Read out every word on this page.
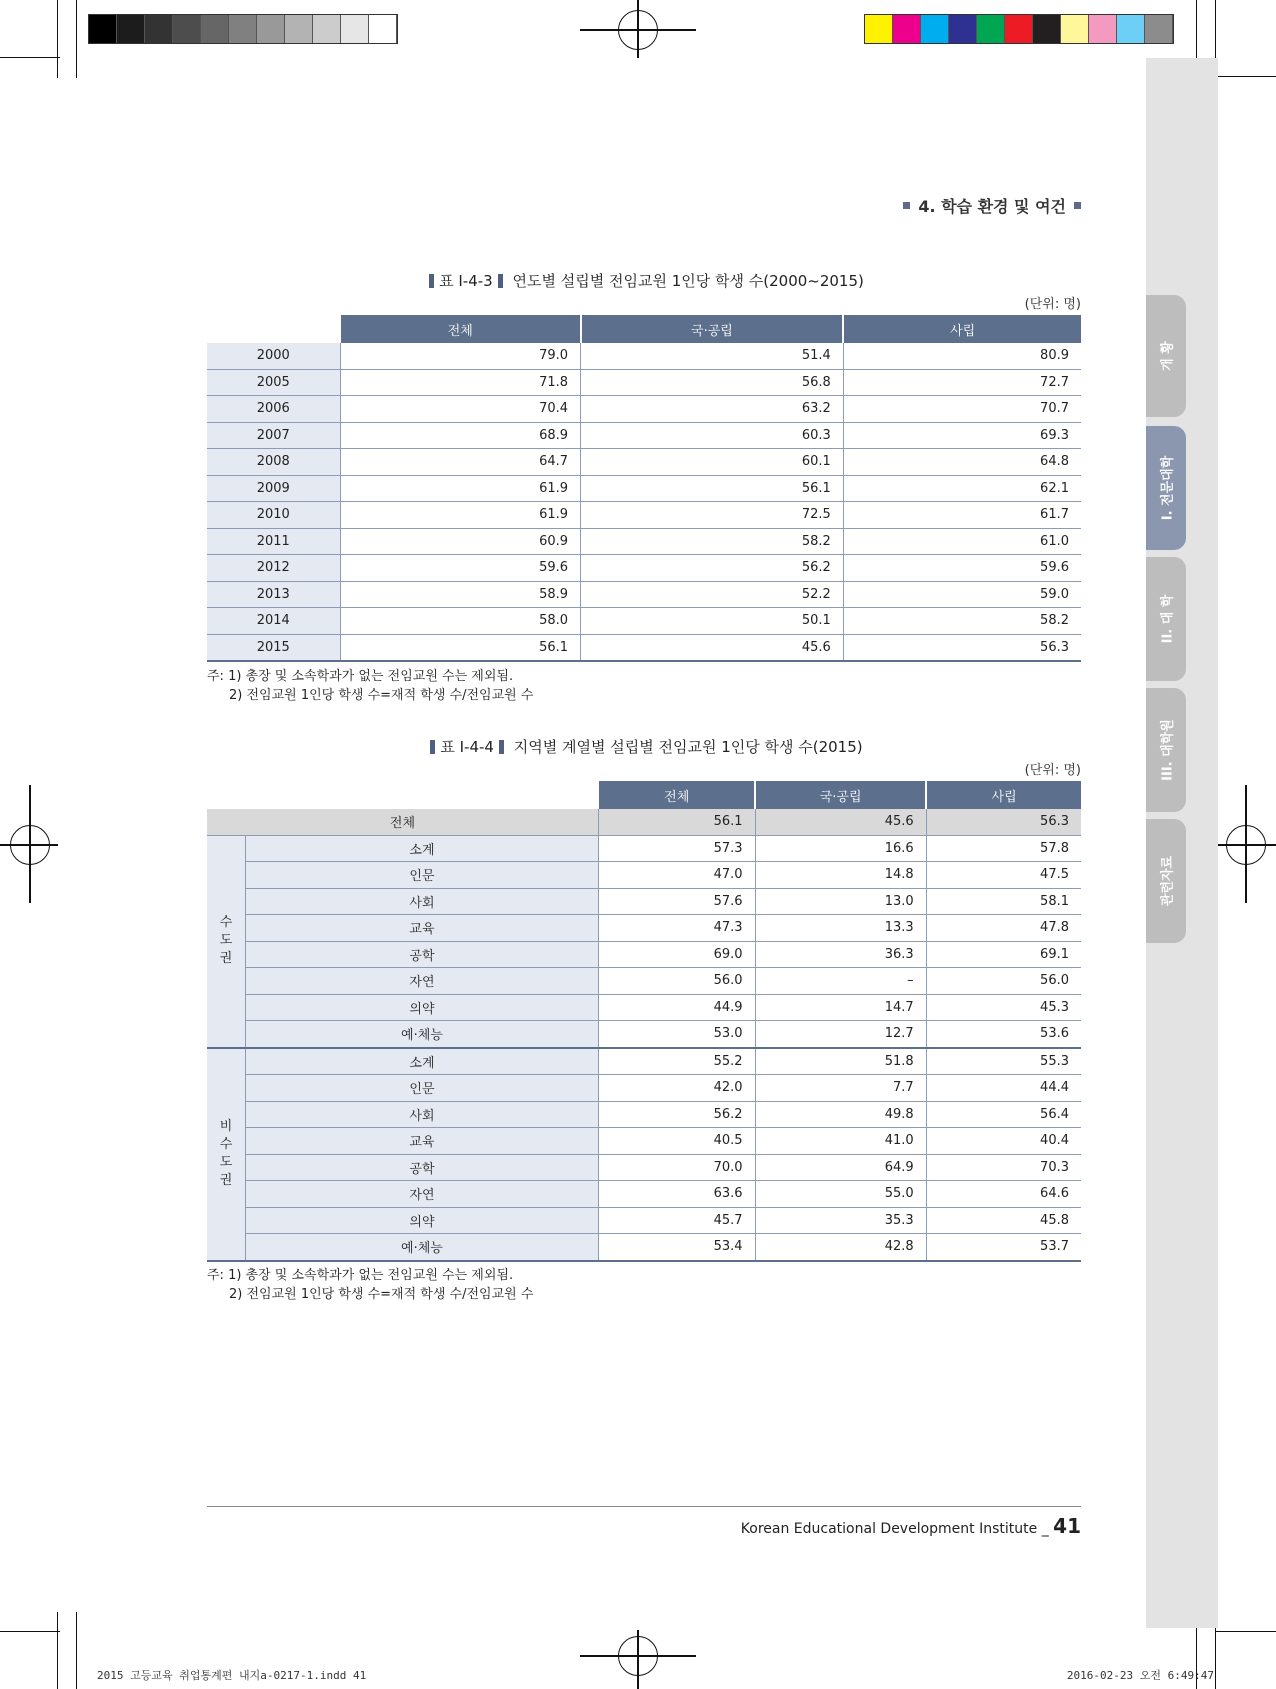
개 황
I. 전문대학
II. 대 학
III. 대학원
관련자료
4. 학습 환경 및 여건
표 Ⅰ-4-3 연도별 설립별 전임교원 1인당 학생 수(2000~2015)
(단위: 명)
	전체	국·공립	사립
2000	79.0	51.4	80.9
2005	71.8	56.8	72.7
2006	70.4	63.2	70.7
2007	68.9	60.3	69.3
2008	64.7	60.1	64.8
2009	61.9	56.1	62.1
2010	61.9	72.5	61.7
2011	60.9	58.2	61.0
2012	59.6	56.2	59.6
2013	58.9	52.2	59.0
2014	58.0	50.1	58.2
2015	56.1	45.6	56.3
주: 1) 총장 및 소속학과가 없는 전임교원 수는 제외됨.
2) 전임교원 1인당 학생 수=재적 학생 수/전임교원 수
표 Ⅰ-4-4 지역별 계열별 설립별 전임교원 1인당 학생 수(2015)
(단위: 명)
		전체	국·공립	사립
전체		56.1	45.6	56.3
수
도
권	소계	57.3	16.6	57.8
	인문	47.0	14.8	47.5
	사회	57.6	13.0	58.1
	교육	47.3	13.3	47.8
	공학	69.0	36.3	69.1
	자연	56.0	–	56.0
	의약	44.9	14.7	45.3
	예·체능	53.0	12.7	53.6
비
수
도
권	소계	55.2	51.8	55.3
	인문	42.0	7.7	44.4
	사회	56.2	49.8	56.4
	교육	40.5	41.0	40.4
	공학	70.0	64.9	70.3
	자연	63.6	55.0	64.6
	의약	45.7	35.3	45.8
	예·체능	53.4	42.8	53.7
주: 1) 총장 및 소속학과가 없는 전임교원 수는 제외됨.
2) 전임교원 1인당 학생 수=재적 학생 수/전임교원 수
Korean Educational Development Institute _ 41
2015 고등교육 취업통계편 내지a-0217-1.indd 41	2016-02-23 오전 6:49:47
